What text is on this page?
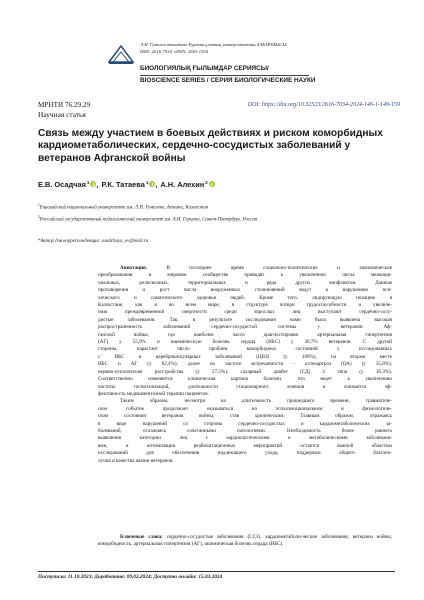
Л.Н. Гумилев атындағы Еуразия ұлттық университетінің ХАБАРШЫСЫ.
ISSN: 2616-7034. eISSN: 2663-130X
БИОЛОГИЯЛЫҚ ҒЫЛЫМДАР СЕРИЯСЫ/
BIOSCIENCE SERIES / СЕРИЯ БИОЛОГИЧЕСКИЕ НАУКИ
МРНТИ 76.29.29	DOI: https://doi.org/10.32523/2616-7034-2024-146-1-149-159
Научная статья
Связь между участием в боевых действиях и риском коморбидных кардиометаболических, сердечно-сосудистых заболеваний у ветеранов Афганской войны
Е.В. Осадчая$^1$ , Р.К. Татаева$^1$ , А.Н. Алехин$^2$
$^1$Евразийский национальный университет им. Л.Н. Гумилева, Астана, Казахстан
$^2$Российский государственный педагогический университет им. А.И. Герцена, Санкт-Петербург, Россия
*Автор для корреспонденции: osadchaya_ev@mail.ru
Аннотация. В последнее время социально-политические и экономические
преобразования в мировом сообществе приводят к увеличению числа межнаци-
ональных, религиозных, территориальных и ряда других конфликтов. Данные
противоречия и рост числа вооруженных столкновений ведут к нарушению пси-
хического и соматического здоровья людей. Кроме того, лидирующую позицию в
Казахстане, как и во всем мире, в структуре потери трудоспособности и увеличе-
нию преждевременной смертности среди взрослых лиц выступают сердечно-сосу-
дистые заболевания. Так, в результате исследования нами была выявлена высокая
распространенность заболеваний сердечно-сосудистой системы у ветеранов Аф-
ганской войны, где наиболее часто диагностирован артериальная гипертензия
(АГ) у 55,9% и ишемическую болезнь сердца (ИБС) у 30,7% ветеранов. С другой
стороны, нарастает число проблем коморбидных состояний у исследованных
с ИБС и цереброваскулярных заболеваний (ЦВЗ) (у 100%), на втором месте
ИБС и АГ (у 82,4%), далее по частоте встречаемости - остеоартроз (ОА) (у 35,8%),
нервно-психические расстройства (у 27,5%), сахарный диабет (СД) 2 типа (у 18,3%).
Соответственно изменяется клиническая картина болезни, что ведет к увеличению
частоты госпитализаций, длительности стационарного лечения и снижается эф-
фективность медикаментозной терапии пациентов.
Таким образом, несмотря на длительность прошедшего времени, травматиче-
ское событие продолжает оказываться на психоэмоциональном и физиологиче-
ском состоянии ветеранов войны, став хроническим. Главным образом, отражаясь
в виде нарушений со стороны сердечно-сосудистых и кардиометаболических за-
болеваний, осложнясь сочетанными патологиями. Необходимость более раннего
выявления категории лиц с кардиологическими и метаболическими заболевани-
ями, и оптимизации реабилитационных мероприятий остается важной областью
исследований для обеспечения надлежащего ухода, поддержки общего благопо-
лучия и качества жизни ветеранов.

Ключевые слова: сердечно-сосудистые заболевания (ССЗ), кардиометаболи-ческие заболевания, ветераны войны, коморбидность, артериальная гипертензия (АГ), ишемическая болезнь сердца (ИБС).

Поступила: 11.10.2023; Доработана: 09.02.2024; Доступна онлайн: 15.03.2024
